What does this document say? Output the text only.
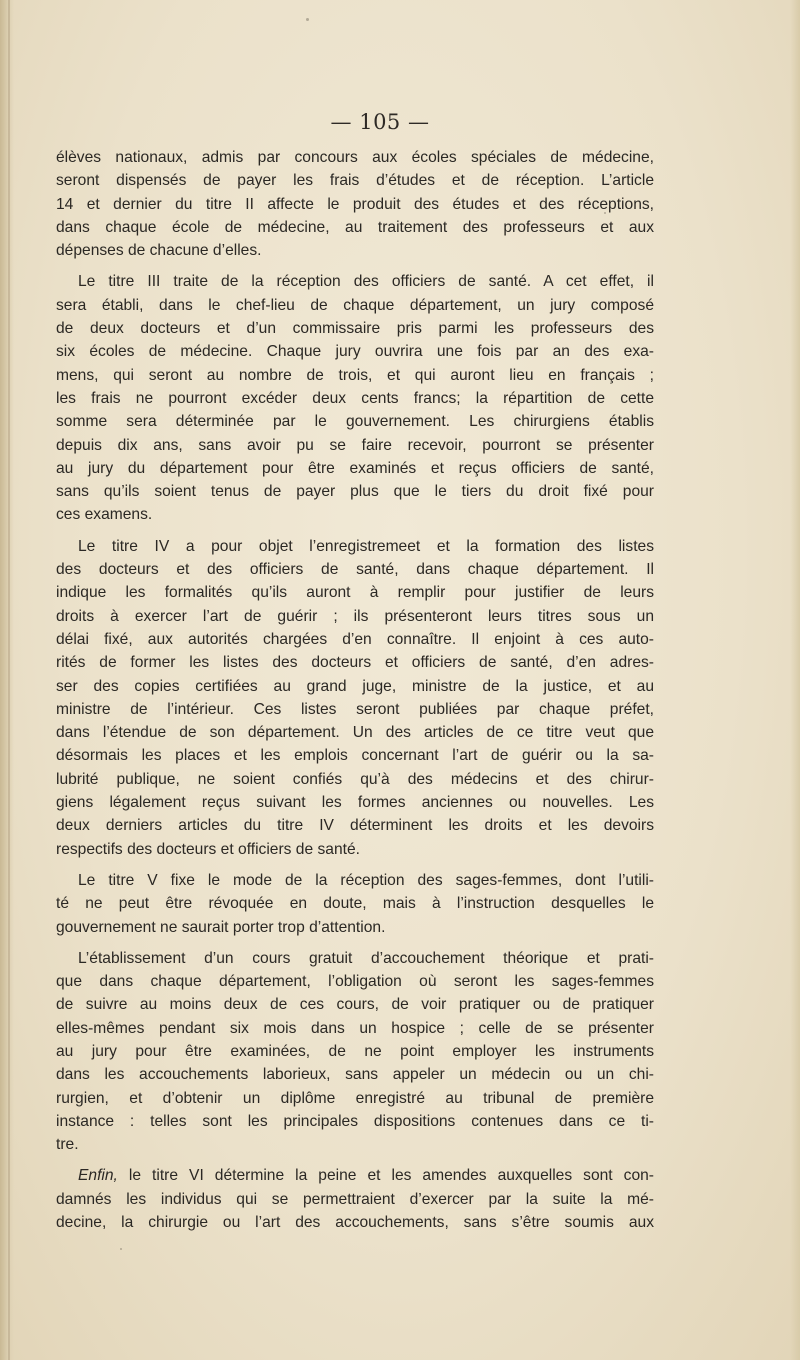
— 105 —
élèves nationaux, admis par concours aux écoles spéciales de médecine,
seront dispensés de payer les frais d’études et de réception. L’article
14 et dernier du titre II affecte le produit des études et des réceptions,
dans chaque école de médecine, au traitement des professeurs et aux
dépenses de chacune d’elles.
Le titre III traite de la réception des officiers de santé. A cet effet, il
sera établi, dans le chef-lieu de chaque département, un jury composé
de deux docteurs et d’un commissaire pris parmi les professeurs des
six écoles de médecine. Chaque jury ouvrira une fois par an des exa-
mens, qui seront au nombre de trois, et qui auront lieu en français ;
les frais ne pourront excéder deux cents francs; la répartition de cette
somme sera déterminée par le gouvernement. Les chirurgiens établis
depuis dix ans, sans avoir pu se faire recevoir, pourront se présenter
au jury du département pour être examinés et reçus officiers de santé,
sans qu’ils soient tenus de payer plus que le tiers du droit fixé pour
ces examens.
Le titre IV a pour objet l’enregistremeet et la formation des listes
des docteurs et des officiers de santé, dans chaque département. Il
indique les formalités qu’ils auront à remplir pour justifier de leurs
droits à exercer l’art de guérir ; ils présenteront leurs titres sous un
délai fixé, aux autorités chargées d’en connaître. Il enjoint à ces auto-
rités de former les listes des docteurs et officiers de santé, d’en adres-
ser des copies certifiées au grand juge, ministre de la justice, et au
ministre de l’intérieur. Ces listes seront publiées par chaque préfet,
dans l’étendue de son département. Un des articles de ce titre veut que
désormais les places et les emplois concernant l’art de guérir ou la sa-
lubrité publique, ne soient confiés qu’à des médecins et des chirur-
giens légalement reçus suivant les formes anciennes ou nouvelles. Les
deux derniers articles du titre IV déterminent les droits et les devoirs
respectifs des docteurs et officiers de santé.
Le titre V fixe le mode de la réception des sages-femmes, dont l’utili-
té ne peut être révoquée en doute, mais à l’instruction desquelles le
gouvernement ne saurait porter trop d’attention.
L’établissement d’un cours gratuit d’accouchement théorique et prati-
que dans chaque département, l’obligation où seront les sages-femmes
de suivre au moins deux de ces cours, de voir pratiquer ou de pratiquer
elles-mêmes pendant six mois dans un hospice ; celle de se présenter
au jury pour être examinées, de ne point employer les instruments
dans les accouchements laborieux, sans appeler un médecin ou un chi-
rurgien, et d’obtenir un diplôme enregistré au tribunal de première
instance : telles sont les principales dispositions contenues dans ce ti-
tre.
Enfin, le titre VI détermine la peine et les amendes auxquelles sont con-
damnés les individus qui se permettraient d’exercer par la suite la mé-
decine, la chirurgie ou l’art des accouchements, sans s’être soumis aux
